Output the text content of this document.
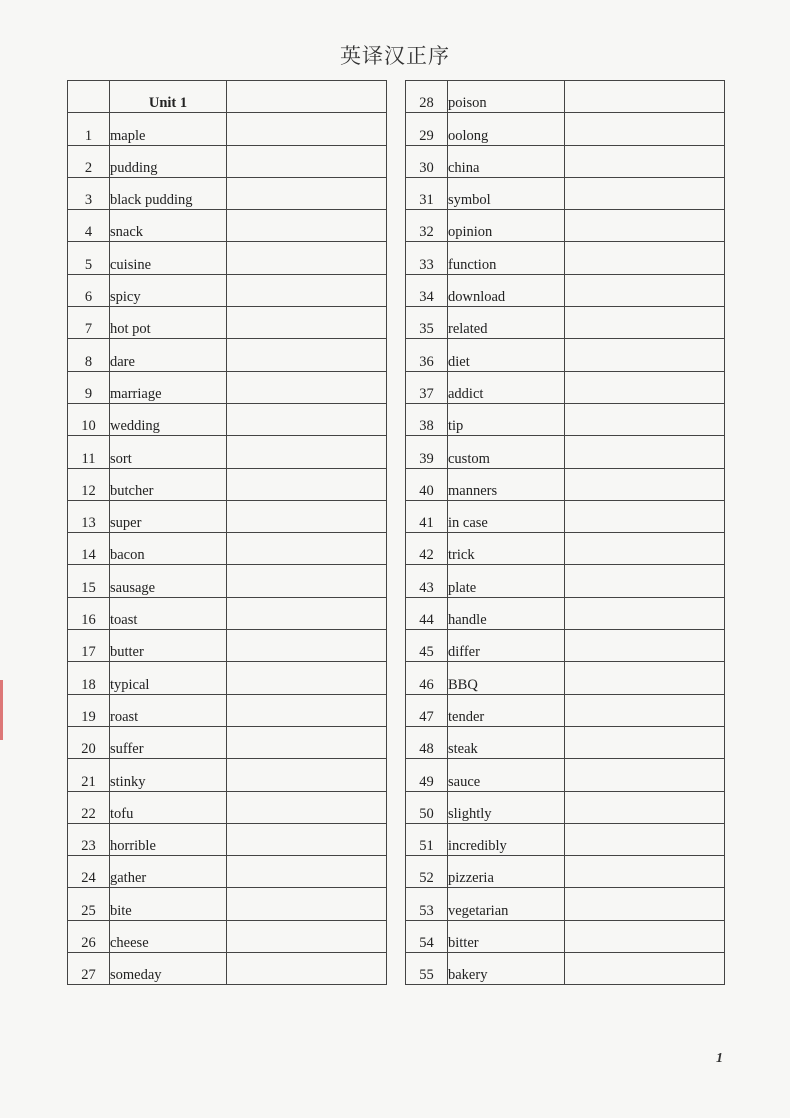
英译汉正序
	Unit 1	
1	maple	
2	pudding	
3	black pudding	
4	snack	
5	cuisine	
6	spicy	
7	hot pot	
8	dare	
9	marriage	
10	wedding	
11	sort	
12	butcher	
13	super	
14	bacon	
15	sausage	
16	toast	
17	butter	
18	typical	
19	roast	
20	suffer	
21	stinky	
22	tofu	
23	horrible	
24	gather	
25	bite	
26	cheese	
27	someday	
28	poison	
29	oolong	
30	china	
31	symbol	
32	opinion	
33	function	
34	download	
35	related	
36	diet	
37	addict	
38	tip	
39	custom	
40	manners	
41	in case	
42	trick	
43	plate	
44	handle	
45	differ	
46	BBQ	
47	tender	
48	steak	
49	sauce	
50	slightly	
51	incredibly	
52	pizzeria	
53	vegetarian	
54	bitter	
55	bakery	
1
